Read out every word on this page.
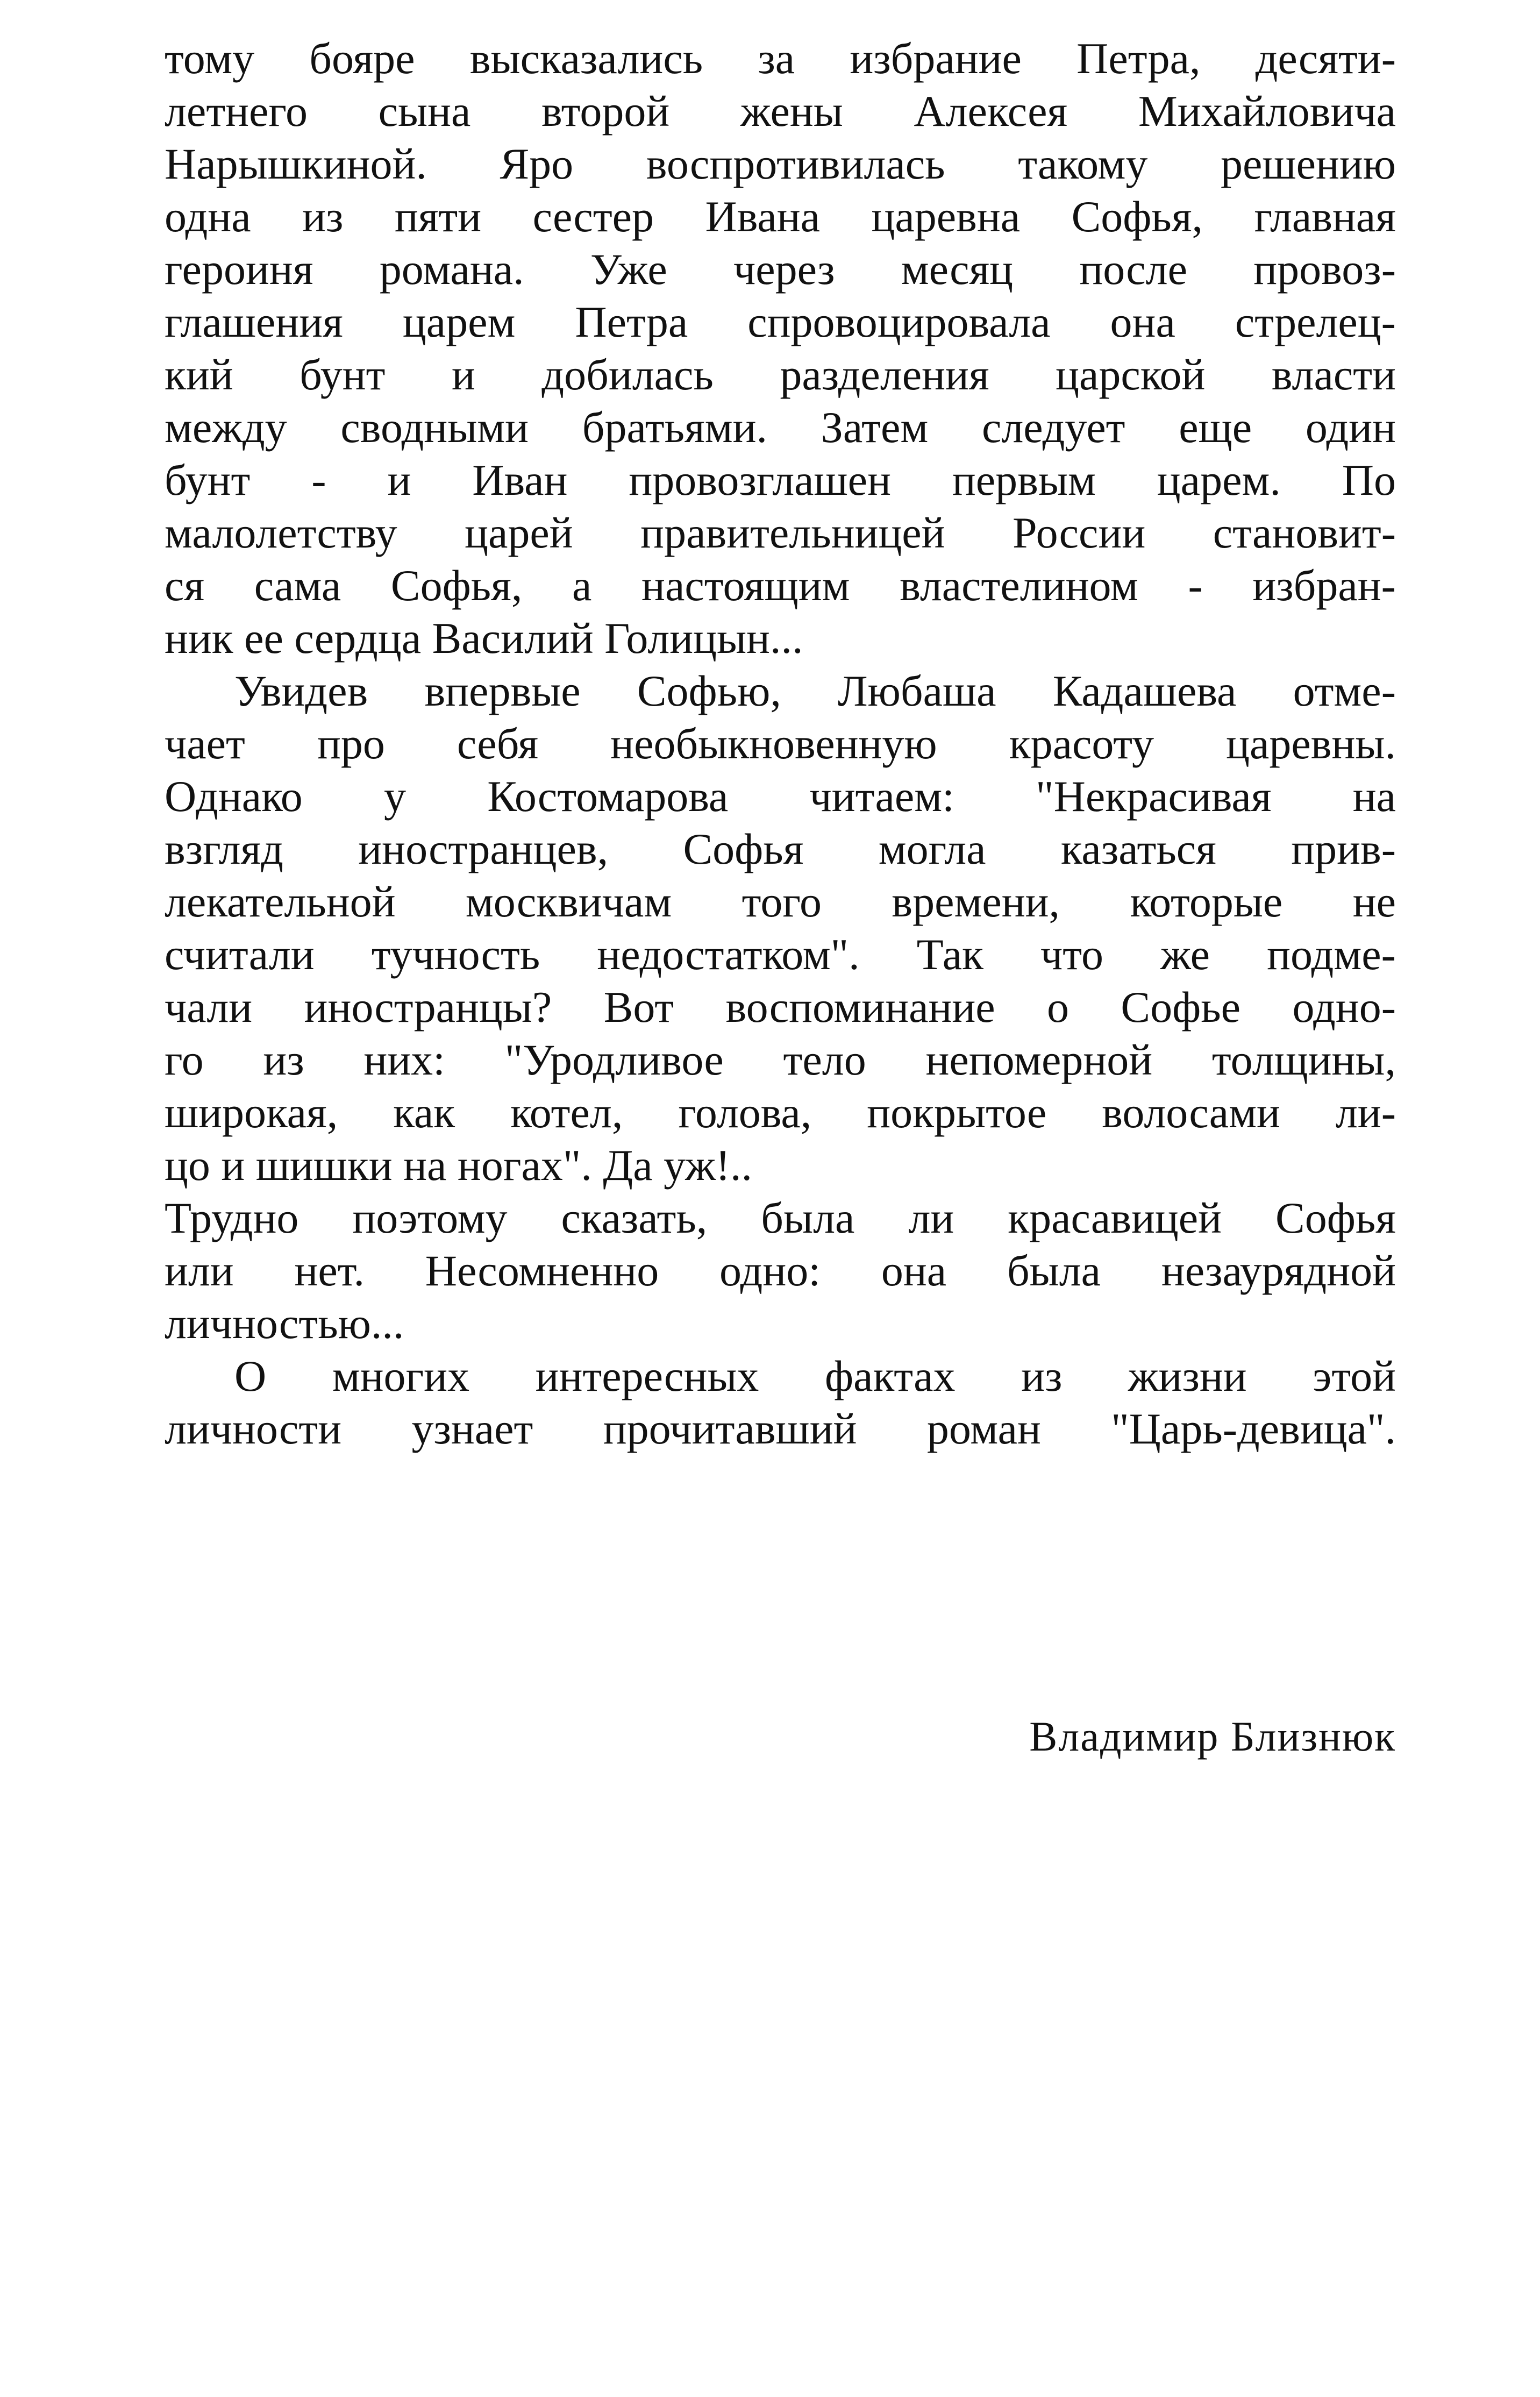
тому бояре высказались за избрание Петра, десяти-
летнего сына второй жены Алексея Михайловича
Нарышкиной. Яро воспротивилась такому решению
одна из пяти сестер Ивана царевна Софья, главная
героиня романа. Уже через месяц после провоз-
глашения царем Петра спровоцировала она стрелец-
кий бунт и добилась разделения царской власти
между сводными братьями. Затем следует еще один
бунт - и Иван провозглашен первым царем. По
малолетству царей правительницей России становит-
ся сама Софья, а настоящим властелином - избран-
ник ее сердца Василий Голицын...
Увидев впервые Софью, Любаша Кадашева отме-
чает про себя необыкновенную красоту царевны.
Однако у Костомарова читаем: "Некрасивая на
взгляд иностранцев, Софья могла казаться прив-
лекательной москвичам того времени, которые не
считали тучность недостатком". Так что же подме-
чали иностранцы? Вот воспоминание о Софье одно-
го из них: "Уродливое тело непомерной толщины,
широкая, как котел, голова, покрытое волосами ли-
цо и шишки на ногах". Да уж!..
Трудно поэтому сказать, была ли красавицей Софья
или нет. Несомненно одно: она была незаурядной
личностью...
О многих интересных фактах из жизни этой
личности узнает прочитавший роман "Царь-девица".
Владимир Близнюк
